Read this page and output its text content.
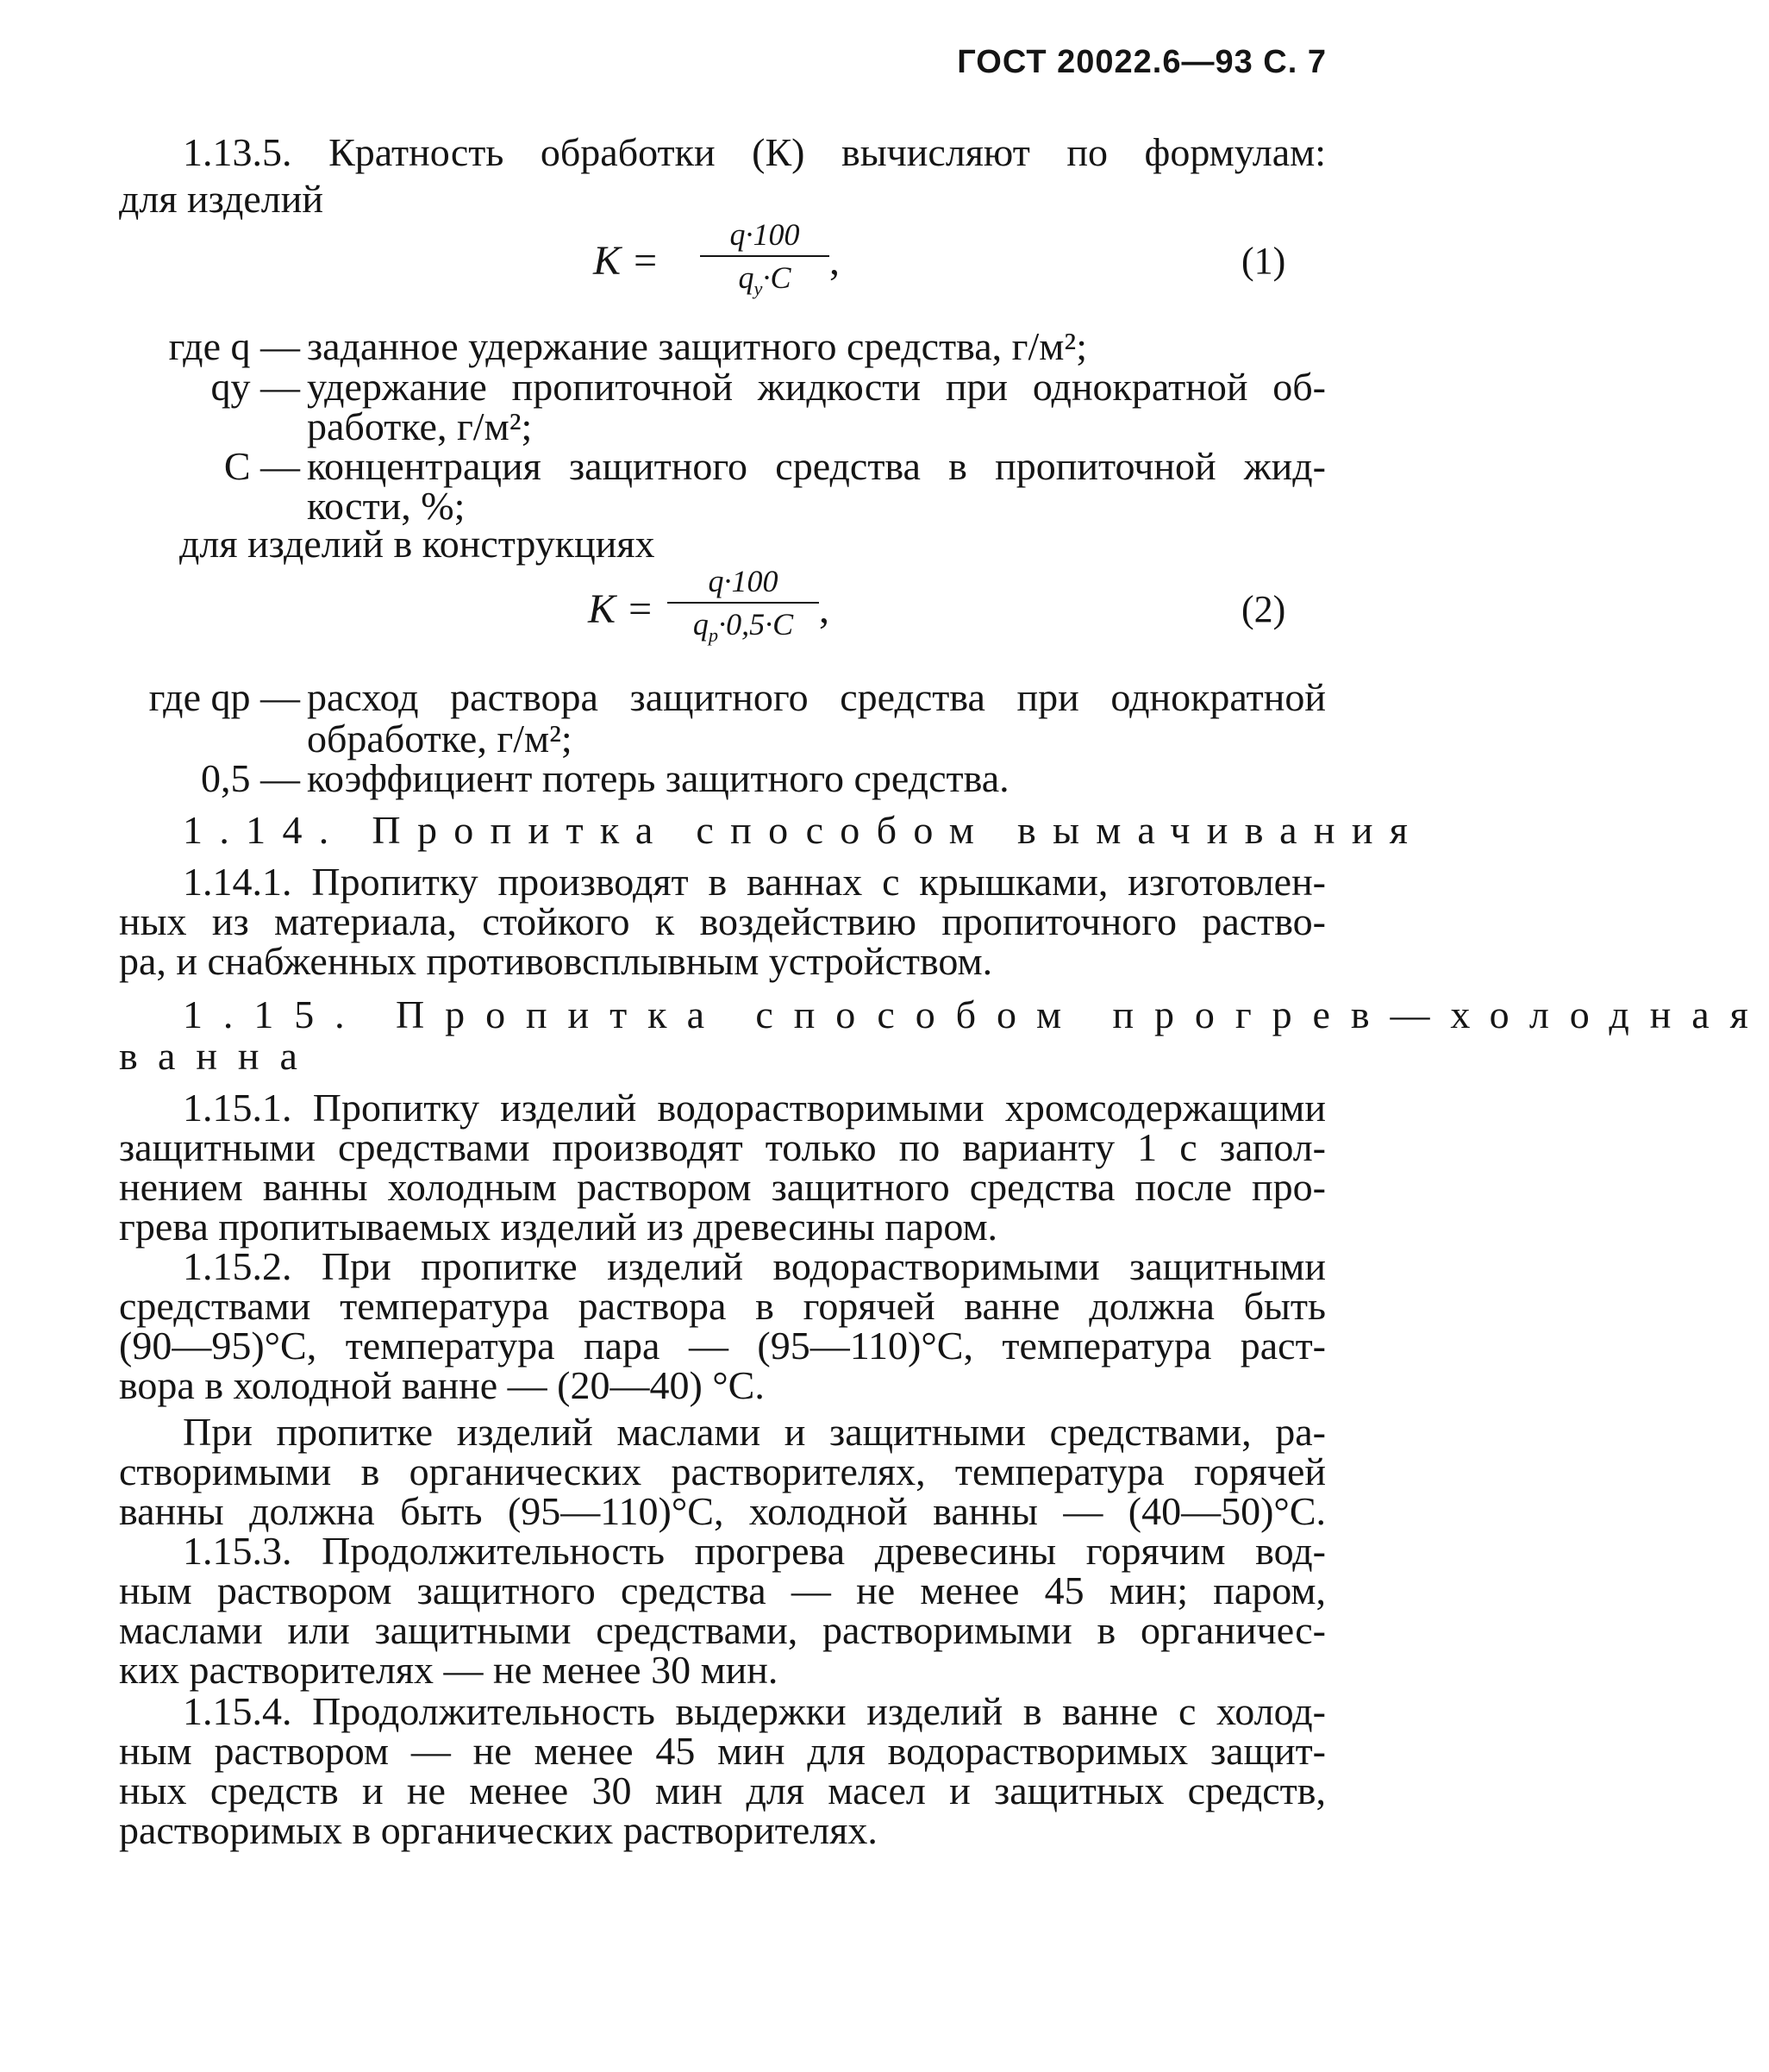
ГОСТ 20022.6—93 С. 7
1.13.5. Кратность обработки (К) вычисляют по формулам:
для изделий
K =
q·100
$q_у\cdot C$ ,	(1)
где q — заданное удержание защитного средства, г/м²;
qу — удержание пропиточной жидкости при однократной об-
работке, г/м²;
C — концентрация защитного средства в пропиточной жид-
кости, %;
для изделий в конструкциях
K =
q·100
$q_р\cdot 0,5\cdot C$ ,	(2)
где qр — расход раствора защитного средства при однократной
обработке, г/м²;
0,5 — коэффициент потерь защитного средства.
1.14. Пропитка способом вымачивания
1.14.1. Пропитку производят в ваннах с крышками, изготовлен-
ных из материала, стойкого к воздействию пропиточного раство-
ра, и снабженных противовсплывным устройством.
1.15. Пропитка способом прогрев—холодная
ванна
1.15.1. Пропитку изделий водорастворимыми хромсодержащими
защитными средствами производят только по варианту 1 с запол-
нением ванны холодным раствором защитного средства после про-
грева пропитываемых изделий из древесины паром.
1.15.2. При пропитке изделий водорастворимыми защитными
средствами температура раствора в горячей ванне должна быть
(90—95)°С, температура пара — (95—110)°С, температура раст-
вора в холодной ванне — (20—40) °С.
При пропитке изделий маслами и защитными средствами, ра-
створимыми в органических растворителях, температура горячей
ванны должна быть (95—110)°С, холодной ванны — (40—50)°С.
1.15.3. Продолжительность прогрева древесины горячим вод-
ным раствором защитного средства — не менее 45 мин; паром,
маслами или защитными средствами, растворимыми в органичес-
ких растворителях — не менее 30 мин.
1.15.4. Продолжительность выдержки изделий в ванне с холод-
ным раствором — не менее 45 мин для водорастворимых защит-
ных средств и не менее 30 мин для масел и защитных средств,
растворимых в органических растворителях.
